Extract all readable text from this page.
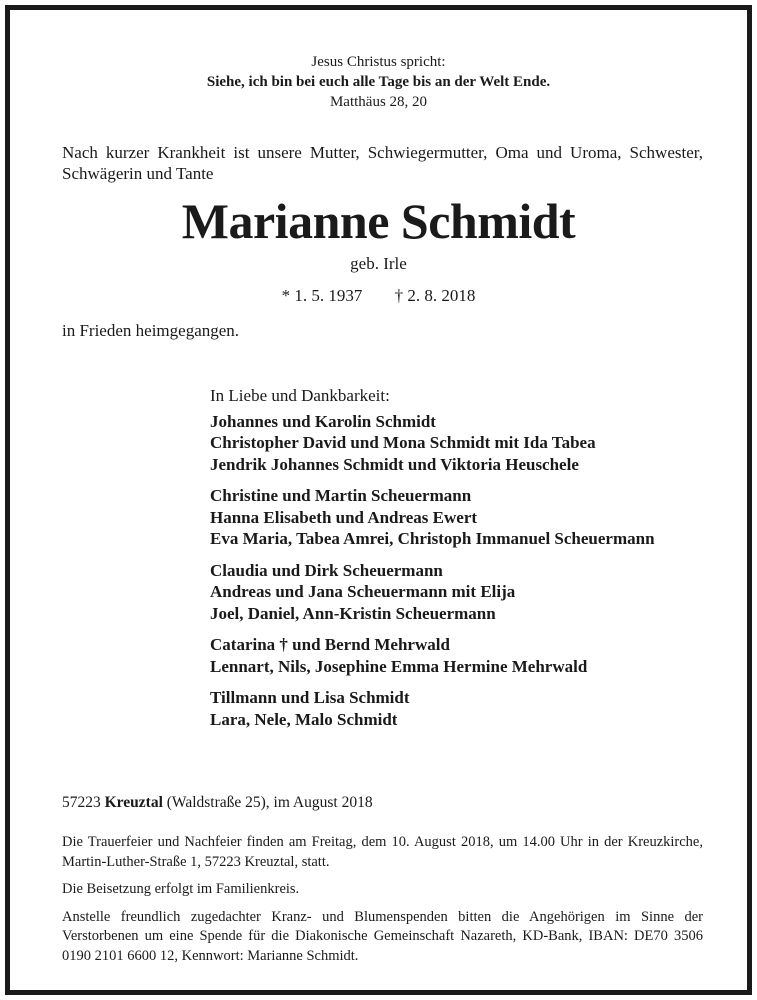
Jesus Christus spricht:
Siehe, ich bin bei euch alle Tage bis an der Welt Ende.
Matthäus 28, 20
Nach kurzer Krankheit ist unsere Mutter, Schwiegermutter, Oma und Uroma, Schwester, Schwägerin und Tante
Marianne Schmidt
geb. Irle
* 1. 5. 1937 † 2. 8. 2018
in Frieden heimgegangen.
In Liebe und Dankbarkeit:
Johannes und Karolin Schmidt
Christopher David und Mona Schmidt mit Ida Tabea
Jendrik Johannes Schmidt und Viktoria Heuschele
Christine und Martin Scheuermann
Hanna Elisabeth und Andreas Ewert
Eva Maria, Tabea Amrei, Christoph Immanuel Scheuermann
Claudia und Dirk Scheuermann
Andreas und Jana Scheuermann mit Elija
Joel, Daniel, Ann-Kristin Scheuermann
Catarina † und Bernd Mehrwald
Lennart, Nils, Josephine Emma Hermine Mehrwald
Tillmann und Lisa Schmidt
Lara, Nele, Malo Schmidt
57223 Kreuztal (Waldstraße 25), im August 2018

Die Trauerfeier und Nachfeier finden am Freitag, dem 10. August 2018, um 14.00 Uhr in der Kreuzkirche, Martin-Luther-Straße 1, 57223 Kreuztal, statt.

Die Beisetzung erfolgt im Familienkreis.

Anstelle freundlich zugedachter Kranz- und Blumenspenden bitten die Angehörigen im Sinne der Verstorbenen um eine Spende für die Diakonische Gemeinschaft Nazareth, KD-Bank, IBAN: DE70 3506 0190 2101 6600 12, Kennwort: Marianne Schmidt.
